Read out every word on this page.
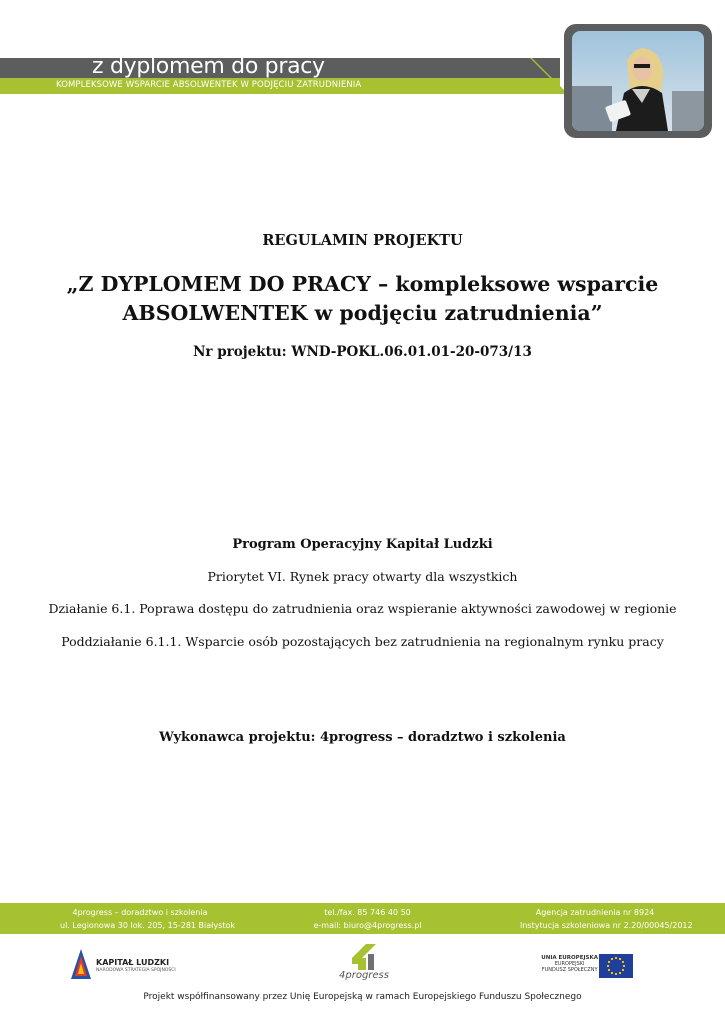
z dyplomem do pracy
KOMPLEKSOWE WSPARCIE ABSOLWENTEK W PODJĘCIU ZATRUDNIENIA
REGULAMIN PROJEKTU
„Z DYPLOMEM DO PRACY – kompleksowe wsparcie
ABSOLWENTEK w podjęciu zatrudnienia”
Nr projektu: WND-POKL.06.01.01-20-073/13
Program Operacyjny Kapitał Ludzki
Priorytet VI. Rynek pracy otwarty dla wszystkich
Działanie 6.1. Poprawa dostępu do zatrudnienia oraz wspieranie aktywności zawodowej w regionie
Poddziałanie 6.1.1. Wsparcie osób pozostających bez zatrudnienia na regionalnym rynku pracy
Wykonawca projektu: 4progress – doradztwo i szkolenia
4progress – doradztwo i szkolenia
ul. Legionowa 30 lok. 205, 15-281 Białystok
tel./fax. 85 746 40 50
e-mail: biuro@4progress.pl
Agencja zatrudnienia nr 8924
Instytucja szkoleniowa nr 2.20/00045/2012
KAPITAŁ LUDZKI
NARODOWA STRATEGIA SPÓJNOŚCI	4progress
UNIA EUROPEJSKA
EUROPEJSKI
FUNDUSZ SPOŁECZNY
Projekt współfinansowany przez Unię Europejską w ramach Europejskiego Funduszu Społecznego
